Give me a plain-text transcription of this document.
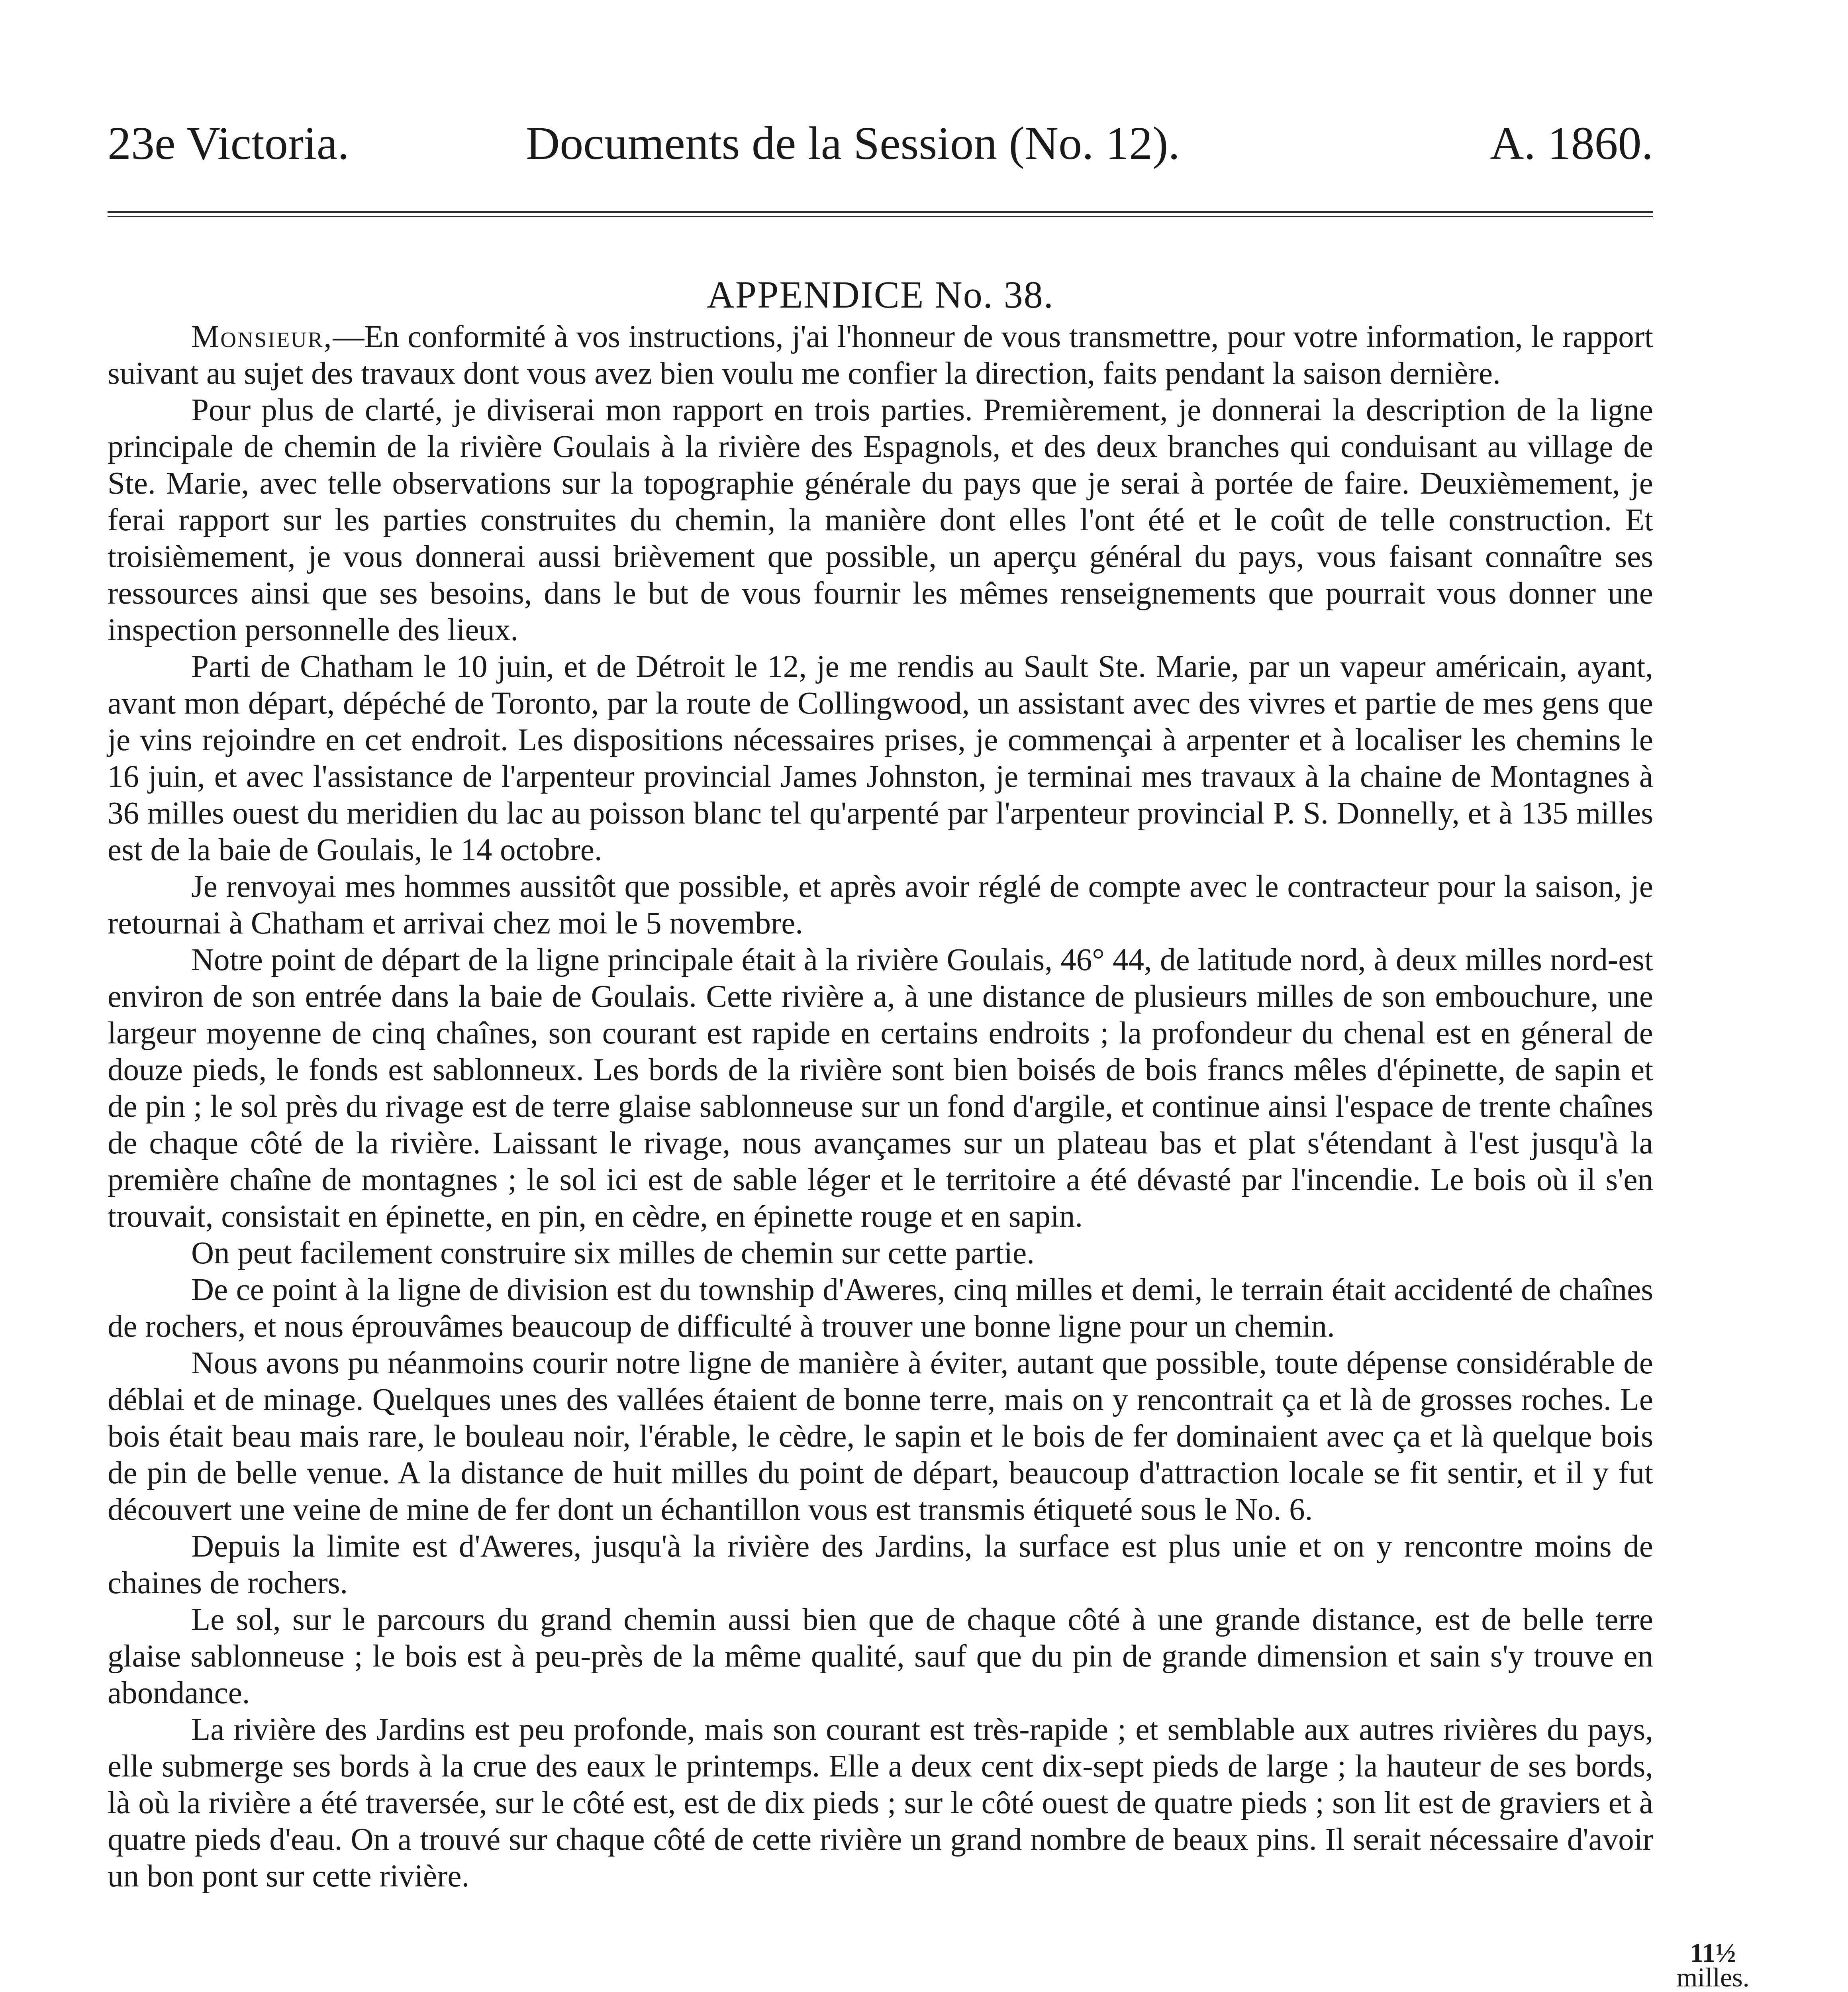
23e Victoria.	Documents de la Session (No. 12).	A. 1860.
APPENDICE No. 38.

Monsieur,—En conformité à vos instructions, j'ai l'honneur de vous transmettre, pour votre information, le rapport suivant au sujet des travaux dont vous avez bien voulu me confier la direction, faits pendant la saison dernière.

Pour plus de clarté, je diviserai mon rapport en trois parties. Premièrement, je donnerai la description de la ligne principale de chemin de la rivière Goulais à la rivière des Espagnols, et des deux branches qui conduisant au village de Ste. Marie, avec telle observations sur la topographie générale du pays que je serai à portée de faire. Deuxièmement, je ferai rapport sur les parties construites du chemin, la manière dont elles l'ont été et le coût de telle construction. Et troisièmement, je vous donnerai aussi brièvement que possible, un aperçu général du pays, vous faisant connaître ses ressources ainsi que ses besoins, dans le but de vous fournir les mêmes renseignements que pourrait vous donner une inspection personnelle des lieux.

Parti de Chatham le 10 juin, et de Détroit le 12, je me rendis au Sault Ste. Marie, par un vapeur américain, ayant, avant mon départ, dépéché de Toronto, par la route de Collingwood, un assistant avec des vivres et partie de mes gens que je vins rejoindre en cet endroit. Les dispositions nécessaires prises, je commençai à arpenter et à localiser les chemins le 16 juin, et avec l'assistance de l'arpenteur provincial James Johnston, je terminai mes travaux à la chaine de Montagnes à 36 milles ouest du meridien du lac au poisson blanc tel qu'arpenté par l'arpenteur provincial P. S. Donnelly, et à 135 milles est de la baie de Goulais, le 14 octobre.

Je renvoyai mes hommes aussitôt que possible, et après avoir réglé de compte avec le contracteur pour la saison, je retournai à Chatham et arrivai chez moi le 5 novembre.

Notre point de départ de la ligne principale était à la rivière Goulais, 46° 44, de latitude nord, à deux milles nord-est environ de son entrée dans la baie de Goulais. Cette rivière a, à une distance de plusieurs milles de son embouchure, une largeur moyenne de cinq chaînes, son courant est rapide en certains endroits ; la profondeur du chenal est en géneral de douze pieds, le fonds est sablonneux. Les bords de la rivière sont bien boisés de bois francs mêles d'épinette, de sapin et de pin ; le sol près du rivage est de terre glaise sablonneuse sur un fond d'argile, et continue ainsi l'espace de trente chaînes de chaque côté de la rivière. Laissant le rivage, nous avançames sur un plateau bas et plat s'étendant à l'est jusqu'à la première chaîne de montagnes ; le sol ici est de sable léger et le territoire a été dévasté par l'incendie. Le bois où il s'en trouvait, consistait en épinette, en pin, en cèdre, en épinette rouge et en sapin.

On peut facilement construire six milles de chemin sur cette partie.

De ce point à la ligne de division est du township d'Aweres, cinq milles et demi, le terrain était accidenté de chaînes de rochers, et nous éprouvâmes beaucoup de difficulté à trouver une bonne ligne pour un chemin.

Nous avons pu néanmoins courir notre ligne de manière à éviter, autant que possible, toute dépense considérable de déblai et de minage. Quelques unes des vallées étaient de bonne terre, mais on y rencontrait ça et là de grosses roches. Le bois était beau mais rare, le bouleau noir, l'érable, le cèdre, le sapin et le bois de fer dominaient avec ça et là quelque bois de pin de belle venue. A la distance de huit milles du point de départ, beaucoup d'attraction locale se fit sentir, et il y fut découvert une veine de mine de fer dont un échantillon vous est transmis étiqueté sous le No. 6.

Depuis la limite est d'Aweres, jusqu'à la rivière des Jardins, la surface est plus unie et on y rencontre moins de chaines de rochers.

Le sol, sur le parcours du grand chemin aussi bien que de chaque côté à une grande distance, est de belle terre glaise sablonneuse ; le bois est à peu-près de la même qualité, sauf que du pin de grande dimension et sain s'y trouve en abondance.

La rivière des Jardins est peu profonde, mais son courant est très-rapide ; et semblable aux autres rivières du pays, elle submerge ses bords à la crue des eaux le printemps. Elle a deux cent dix-sept pieds de large ; la hauteur de ses bords, là où la rivière a été traversée, sur le côté est, est de dix pieds ; sur le côté ouest de quatre pieds ; son lit est de graviers et à quatre pieds d'eau. On a trouvé sur chaque côté de cette rivière un grand nombre de beaux pins. Il serait nécessaire d'avoir un bon pont sur cette rivière.

11½
milles.
